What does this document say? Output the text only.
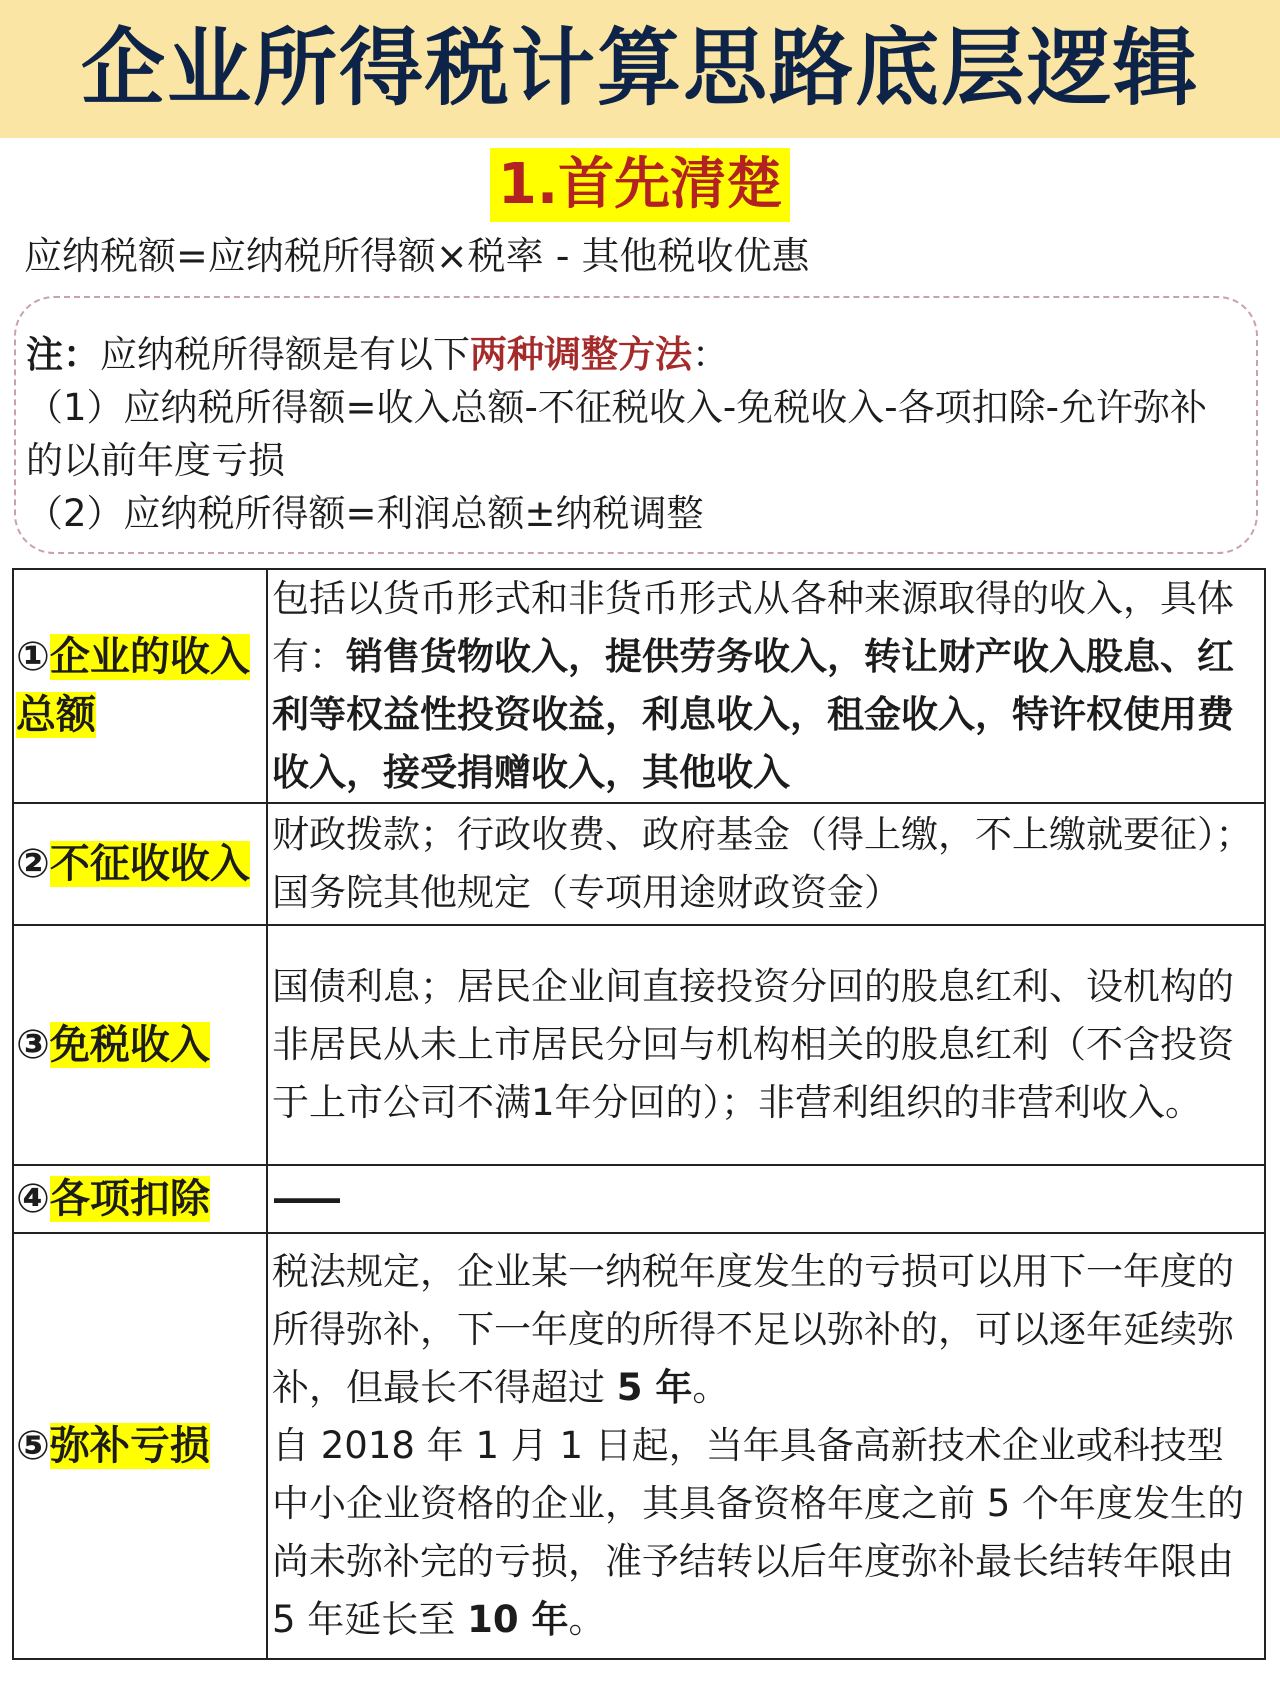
企业所得税计算思路底层逻辑
1.首先清楚
应纳税额=应纳税所得额×税率 - 其他税收优惠
注：应纳税所得额是有以下两种调整方法：
（1）应纳税所得额=收入总额-不征税收入-免税收入-各项扣除-允许弥补的以前年度亏损
（2）应纳税所得额=利润总额±纳税调整
①企业的收入总额	包括以货币形式和非货币形式从各种来源取得的收入，具体有：销售货物收入，提供劳务收入，转让财产收入股息、红利等权益性投资收益，利息收入，租金收入，特许权使用费收入，接受捐赠收入，其他收入

②不征收收入	财政拨款；行政收费、政府基金（得上缴，不上缴就要征）；国务院其他规定（专项用途财政资金）

③免税收入	国债利息；居民企业间直接投资分回的股息红利、设机构的非居民从未上市居民分回与机构相关的股息红利（不含投资于上市公司不满1年分回的）；非营利组织的非营利收入。

④各项扣除	——

⑤弥补亏损	税法规定，企业某一纳税年度发生的亏损可以用下一年度的所得弥补，下一年度的所得不足以弥补的，可以逐年延续弥补，但最长不得超过 5 年。
自 2018 年 1 月 1 日起，当年具备高新技术企业或科技型中小企业资格的企业，其具备资格年度之前 5 个年度发生的尚未弥补完的亏损，准予结转以后年度弥补最长结转年限由 5 年延长至 10 年。
